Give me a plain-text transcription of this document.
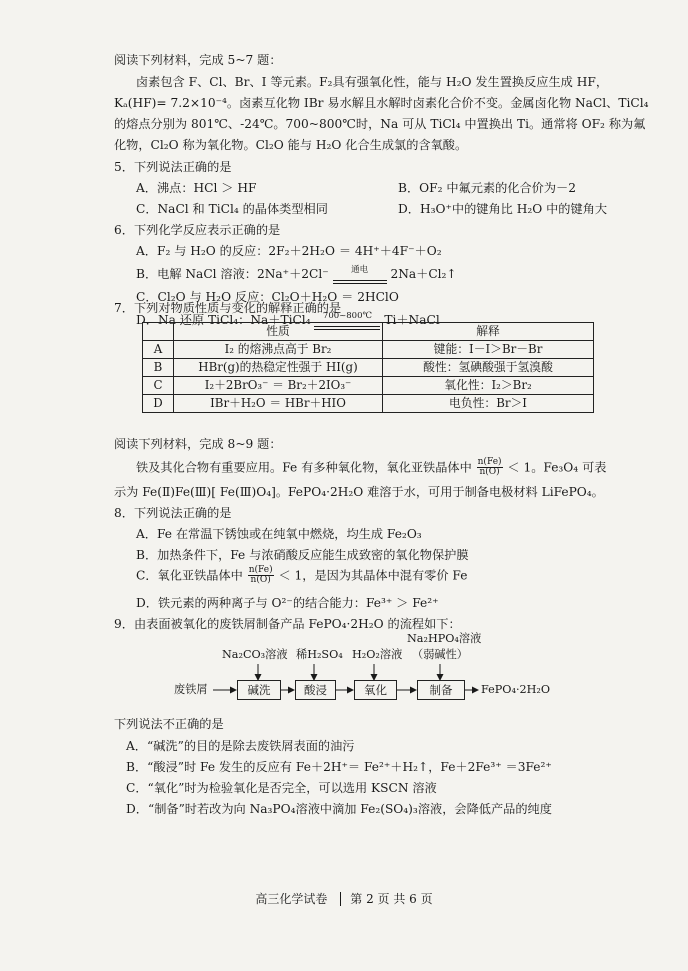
阅读下列材料，完成 5~7 题：
卤素包含 F、Cl、Br、I 等元素。F₂具有强氧化性，能与 H₂O 发生置换反应生成 HF，
Kₐ(HF)= 7.2×10⁻⁴。卤素互化物 IBr 易水解且水解时卤素化合价不变。金属卤化物 NaCl、TiCl₄
的熔点分别为 801℃、-24℃。700~800℃时，Na 可从 TiCl₄ 中置换出 Ti。通常将 OF₂ 称为氟
化物，Cl₂O 称为氧化物。Cl₂O 能与 H₂O 化合生成氯的含氧酸。
5．下列说法正确的是
A．沸点：HCl ＞ HF	B．OF₂ 中氟元素的化合价为－2
C．NaCl 和 TiCl₄ 的晶体类型相同	D．H₃O⁺中的键角比 H₂O 中的键角大
6．下列化学反应表示正确的是
A．F₂ 与 H₂O 的反应：2F₂＋2H₂O ＝ 4H⁺＋4F⁻＋O₂
B．电解 NaCl 溶液：2Na⁺＋2Cl⁻	通电	2Na＋Cl₂↑
C．Cl₂O 与 H₂O 反应：Cl₂O＋H₂O ＝ 2HClO
D．Na 还原 TiCl₄：Na＋TiCl₄	700~800℃	Ti＋NaCl
	性质	解释
A	I₂ 的熔沸点高于 Br₂	键能：I－I＞Br－Br
B	HBr(g)的热稳定性强于 HI(g)	酸性：氢碘酸强于氢溴酸
C	I₂＋2BrO₃⁻ ＝ Br₂＋2IO₃⁻	氧化性：I₂＞Br₂
D	IBr＋H₂O ＝ HBr＋HIO	电负性：Br＞I
7．下列对物质性质与变化的解释正确的是
阅读下列材料，完成 8~9 题：
铁及其化合物有重要应用。Fe 有多种氧化物，氧化亚铁晶体中 $\frac{n(Fe)}{n(O)} < 1$。Fe₃O₄ 可表
示为 Fe(Ⅱ)Fe(Ⅲ)[ Fe(Ⅲ)O₄]。FePO₄·2H₂O 难溶于水，可用于制备电极材料 LiFePO₄。
8．下列说法正确的是
A．Fe 在常温下锈蚀或在纯氧中燃烧，均生成 Fe₂O₃
B．加热条件下，Fe 与浓硝酸反应能生成致密的氧化物保护膜
C．氧化亚铁晶体中 $\frac{n(Fe)}{n(O)} < 1$，是因为其晶体中混有零价 Fe
D．铁元素的两种离子与 O²⁻的结合能力：Fe³⁺ ＞ Fe²⁺
9．由表面被氧化的废铁屑制备产品 FePO₄·2H₂O 的流程如下：
Na₂CO₃溶液 稀H₂SO₄ H₂O₂溶液
Na₂HPO₄溶液
（弱碱性）
废铁屑	碱洗	酸浸	氧化	制备	FePO₄·2H₂O
下列说法不正确的是
A．“碱洗”的目的是除去废铁屑表面的油污
B．“酸浸”时 Fe 发生的反应有 Fe＋2H⁺＝ Fe²⁺＋H₂↑，Fe＋2Fe³⁺ ＝3Fe²⁺
C．“氧化”时为检验氧化是否完全，可以选用 KSCN 溶液
D．“制备”时若改为向 Na₃PO₄溶液中滴加 Fe₂(SO₄)₃溶液，会降低产品的纯度
高三化学试卷 第 2 页 共 6 页
